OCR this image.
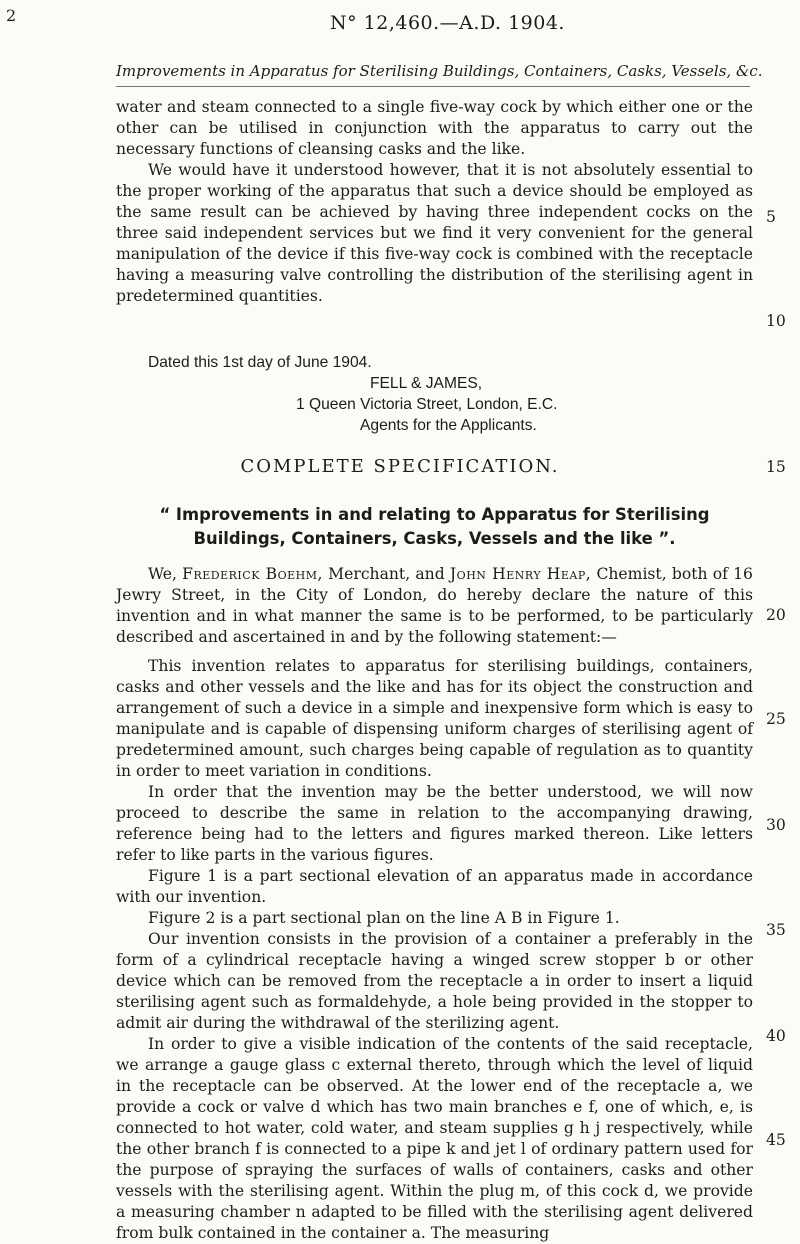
2	N° 12,460.—A.D. 1904.
Improvements in Apparatus for Sterilising Buildings, Containers, Casks, Vessels, &c.

water and steam connected to a single five-way cock by which either one or the other can be utilised in conjunction with the apparatus to carry out the necessary functions of cleansing casks and the like.

We would have it understood however, that it is not absolutely essential to the proper working of the apparatus that such a device should be employed as the same result can be achieved by having three independent cocks on the three said independent services but we find it very convenient for the general manipulation of the device if this five-way cock is combined with the receptacle having a measuring valve controlling the distribution of the sterilising agent in predetermined quantities.

Dated this 1st day of June 1904.
FELL & JAMES,
1 Queen Victoria Street, London, E.C.
Agents for the Applicants.
COMPLETE SPECIFICATION.
“ Improvements in and relating to Apparatus for Sterilising Buildings, Containers, Casks, Vessels and the like ”.

We, Frederick Boehm, Merchant, and John Henry Heap, Chemist, both of 16 Jewry Street, in the City of London, do hereby declare the nature of this invention and in what manner the same is to be performed, to be particularly described and ascertained in and by the following statement:—

This invention relates to apparatus for sterilising buildings, containers, casks and other vessels and the like and has for its object the construction and arrangement of such a device in a simple and inexpensive form which is easy to manipulate and is capable of dispensing uniform charges of sterilising agent of predetermined amount, such charges being capable of regulation as to quantity in order to meet variation in conditions.

In order that the invention may be the better understood, we will now proceed to describe the same in relation to the accompanying drawing, reference being had to the letters and figures marked thereon. Like letters refer to like parts in the various figures.

Figure 1 is a part sectional elevation of an apparatus made in accordance with our invention.

Figure 2 is a part sectional plan on the line A B in Figure 1.

Our invention consists in the provision of a container a preferably in the form of a cylindrical receptacle having a winged screw stopper b or other device which can be removed from the receptacle a in order to insert a liquid sterilising agent such as formaldehyde, a hole being provided in the stopper to admit air during the withdrawal of the sterilizing agent.

In order to give a visible indication of the contents of the said receptacle, we arrange a gauge glass c external thereto, through which the level of liquid in the receptacle can be observed. At the lower end of the receptacle a, we provide a cock or valve d which has two main branches e f, one of which, e, is connected to hot water, cold water, and steam supplies g h j respectively, while the other branch f is connected to a pipe k and jet l of ordinary pattern used for the purpose of spraying the surfaces of walls of containers, casks and other vessels with the sterilising agent. Within the plug m, of this cock d, we provide a measuring chamber n adapted to be filled with the sterilising agent delivered from bulk contained in the container a. The measuring

5
10
15
20
25
30
35
40
45
